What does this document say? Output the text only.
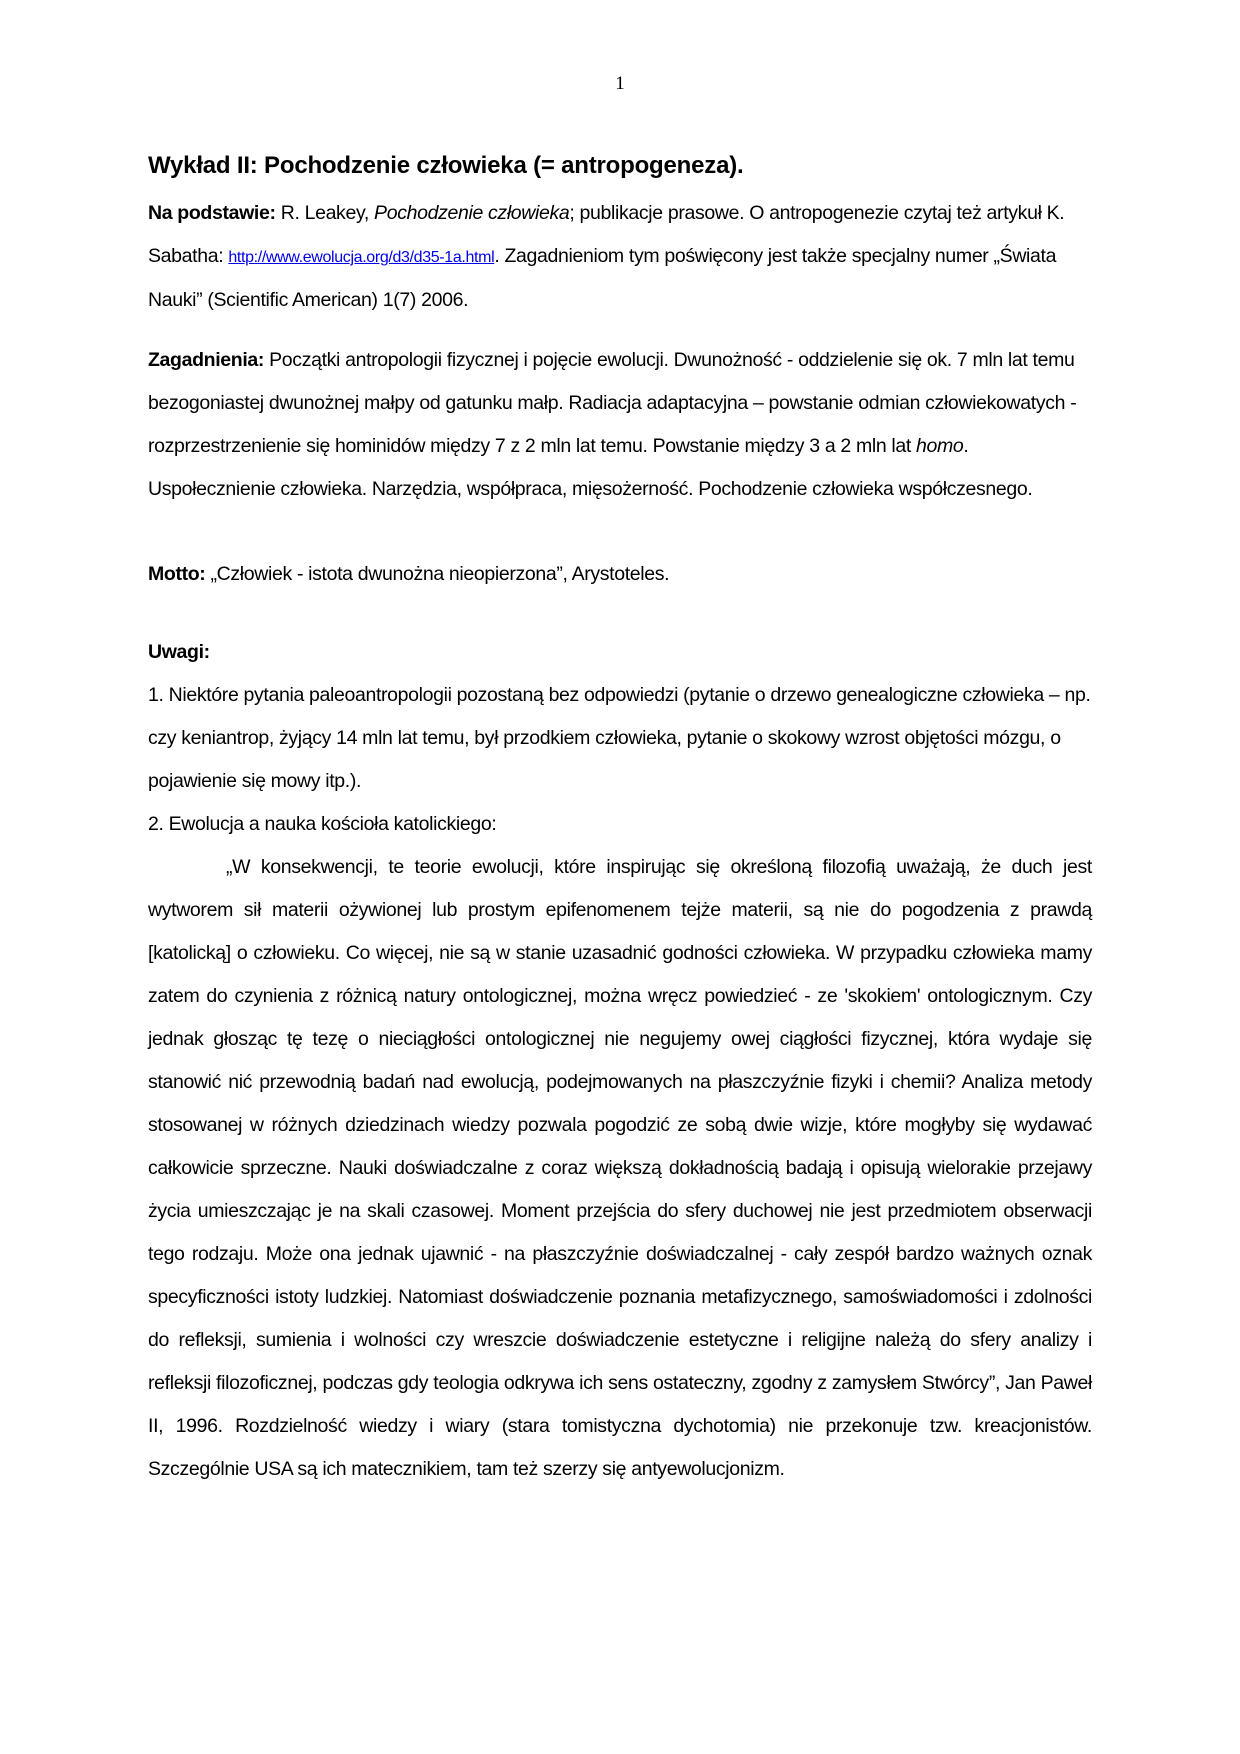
1
Wykład II: Pochodzenie człowieka (= antropogeneza).

Na podstawie: R. Leakey, Pochodzenie człowieka; publikacje prasowe. O antropogenezie czytaj też artykuł K. Sabatha: http://www.ewolucja.org/d3/d35-1a.html. Zagadnieniom tym poświęcony jest także specjalny numer „Świata Nauki” (Scientific American) 1(7) 2006.

Zagadnienia: Początki antropologii fizycznej i pojęcie ewolucji. Dwunożność - oddzielenie się ok. 7 mln lat temu bezogoniastej dwunożnej małpy od gatunku małp. Radiacja adaptacyjna – powstanie odmian człowiekowatych - rozprzestrzenienie się hominidów między 7 z 2 mln lat temu. Powstanie między 3 a 2 mln lat homo. Uspołecznienie człowieka. Narzędzia, współpraca, mięsożerność. Pochodzenie człowieka współczesnego.

Motto: „Człowiek - istota dwunożna nieopierzona”, Arystoteles.

Uwagi:

1. Niektóre pytania paleoantropologii pozostaną bez odpowiedzi (pytanie o drzewo genealogiczne człowieka – np. czy keniantrop, żyjący 14 mln lat temu, był przodkiem człowieka, pytanie o skokowy wzrost objętości mózgu, o pojawienie się mowy itp.).

2. Ewolucja a nauka kościoła katolickiego:

„W konsekwencji, te teorie ewolucji, które inspirując się określoną filozofią uważają, że duch jest wytworem sił materii ożywionej lub prostym epifenomenem tejże materii, są nie do pogodzenia z prawdą [katolicką] o człowieku. Co więcej, nie są w stanie uzasadnić godności człowieka. W przypadku człowieka mamy zatem do czynienia z różnicą natury ontologicznej, można wręcz powiedzieć - ze 'skokiem' ontologicznym. Czy jednak głosząc tę tezę o nieciągłości ontologicznej nie negujemy owej ciągłości fizycznej, która wydaje się stanowić nić przewodnią badań nad ewolucją, podejmowanych na płaszczyźnie fizyki i chemii? Analiza metody stosowanej w różnych dziedzinach wiedzy pozwala pogodzić ze sobą dwie wizje, które mogłyby się wydawać całkowicie sprzeczne. Nauki doświadczalne z coraz większą dokładnością badają i opisują wielorakie przejawy życia umieszczając je na skali czasowej. Moment przejścia do sfery duchowej nie jest przedmiotem obserwacji tego rodzaju. Może ona jednak ujawnić - na płaszczyźnie doświadczalnej - cały zespół bardzo ważnych oznak specyficzności istoty ludzkiej. Natomiast doświadczenie poznania metafizycznego, samoświadomości i zdolności do refleksji, sumienia i wolności czy wreszcie doświadczenie estetyczne i religijne należą do sfery analizy i refleksji filozoficznej, podczas gdy teologia odkrywa ich sens ostateczny, zgodny z zamysłem Stwórcy”, Jan Paweł II, 1996. Rozdzielność wiedzy i wiary (stara tomistyczna dychotomia) nie przekonuje tzw. kreacjonistów. Szczególnie USA są ich matecznikiem, tam też szerzy się antyewolucjonizm.
